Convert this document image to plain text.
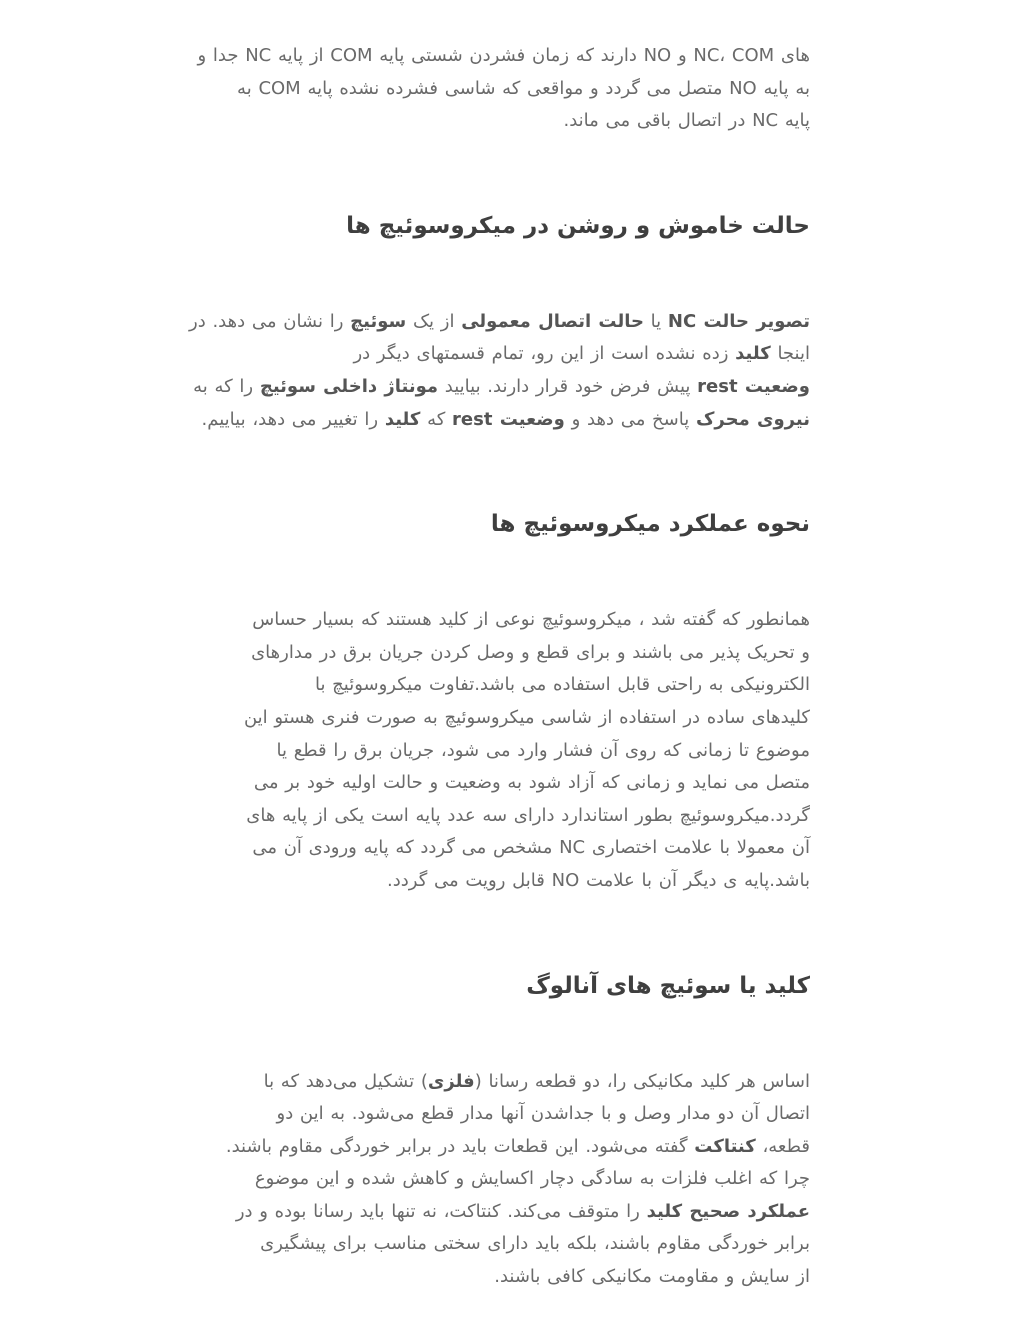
های NC، COM و NO دارند که زمان فشردن شستی پایه COM از پایه NC جدا و
به پایه NO متصل می گردد و مواقعی که شاسی فشرده نشده پایه COM به
پایه NC در اتصال باقی می ماند.

حالت خاموش و روشن در میکروسوئیچ ها

تصویر حالت NC یا حالت اتصال معمولی از یک سوئیچ را نشان می دهد. در
اینجا کلید زده نشده است از این رو، تمام قسمتهای دیگر در
وضعیت rest پیش فرض خود قرار دارند. بیایید مونتاژ داخلی سوئیچ را که به
نیروی محرک پاسخ می دهد و وضعیت rest که کلید را تغییر می دهد، بیاییم.

نحوه عملکرد میکروسوئیچ ها

همانطور که گفته شد ، میکروسوئیچ نوعی از کلید هستند که بسیار حساس
و تحریک پذیر می باشند و برای قطع و وصل کردن جریان برق در مدارهای
الکترونیکی به راحتی قابل استفاده می باشد.تفاوت میکروسوئیچ با
کلیدهای ساده در استفاده از شاسی میکروسوئیچ به صورت فنری هستو این
موضوع تا زمانی که روی آن فشار وارد می شود، جریان برق را قطع یا
متصل می نماید و زمانی که آزاد شود به وضعیت و حالت اولیه خود بر می
گردد.میکروسوئیچ بطور استاندارد دارای سه عدد پایه است یکی از پایه های
آن معمولا با علامت اختصاری NC مشخص می گردد که پایه ورودی آن می
باشد.پایه ی دیگر آن با علامت NO قابل رویت می گردد.

کلید یا سوئیچ های آنالوگ

اساس هر کلید مکانیکی را، دو قطعه رسانا (فلزی) تشکیل می‌دهد که با
اتصال آن دو مدار وصل و با جداشدن آنها مدار قطع می‌شود. به این دو
قطعه، کنتاکت گفته می‌شود. این قطعات باید در برابر خوردگی مقاوم باشند.
چرا که اغلب فلزات به سادگی دچار اکسایش و کاهش شده و این موضوع
عملکرد صحیح کلید را متوقف می‌کند. کنتاکت، نه تنها باید رسانا بوده و در
برابر خوردگی مقاوم باشند، بلکه باید دارای سختی مناسب برای پیشگیری
از سایش و مقاومت مکانیکی کافی باشند.
